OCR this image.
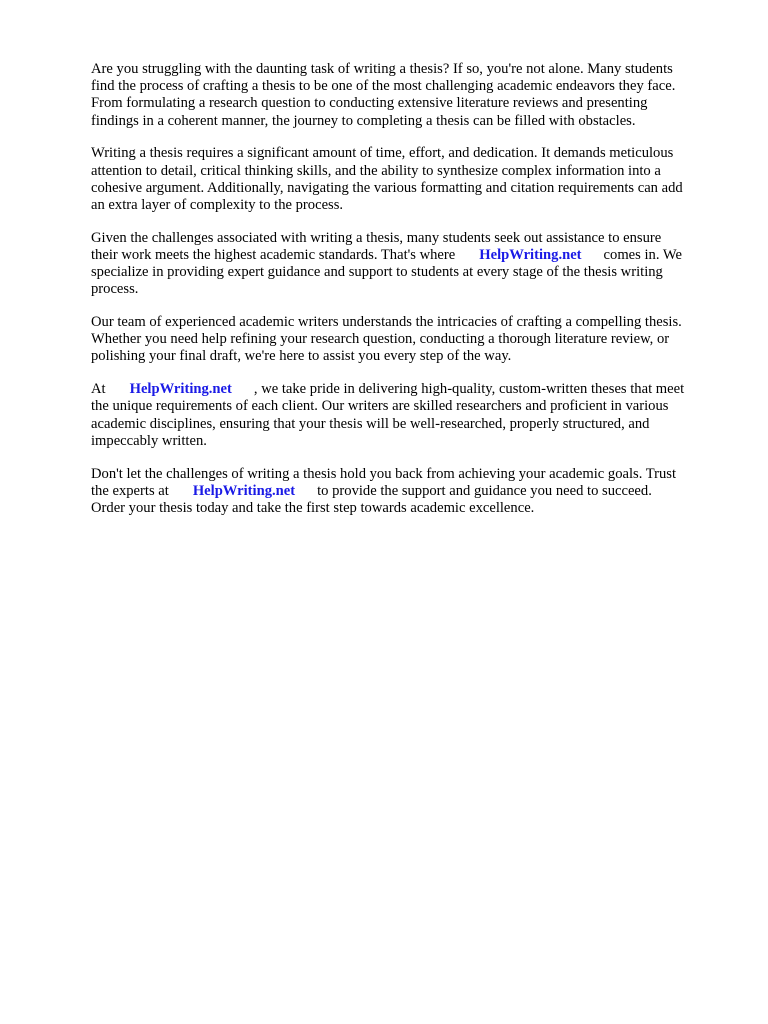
Are you struggling with the daunting task of writing a thesis? If so, you're not alone. Many students
find the process of crafting a thesis to be one of the most challenging academic endeavors they face.
From formulating a research question to conducting extensive literature reviews and presenting
findings in a coherent manner, the journey to completing a thesis can be filled with obstacles.

Writing a thesis requires a significant amount of time, effort, and dedication. It demands meticulous
attention to detail, critical thinking skills, and the ability to synthesize complex information into a
cohesive argument. Additionally, navigating the various formatting and citation requirements can add
an extra layer of complexity to the process.

Given the challenges associated with writing a thesis, many students seek out assistance to ensure
their work meets the highest academic standards. That's where HelpWriting.net comes in. We
specialize in providing expert guidance and support to students at every stage of the thesis writing
process.

Our team of experienced academic writers understands the intricacies of crafting a compelling thesis.
Whether you need help refining your research question, conducting a thorough literature review, or
polishing your final draft, we're here to assist you every step of the way.

At HelpWriting.net , we take pride in delivering high-quality, custom-written theses that meet
the unique requirements of each client. Our writers are skilled researchers and proficient in various
academic disciplines, ensuring that your thesis will be well-researched, properly structured, and
impeccably written.

Don't let the challenges of writing a thesis hold you back from achieving your academic goals. Trust
the experts at HelpWriting.net to provide the support and guidance you need to succeed.
Order your thesis today and take the first step towards academic excellence.
